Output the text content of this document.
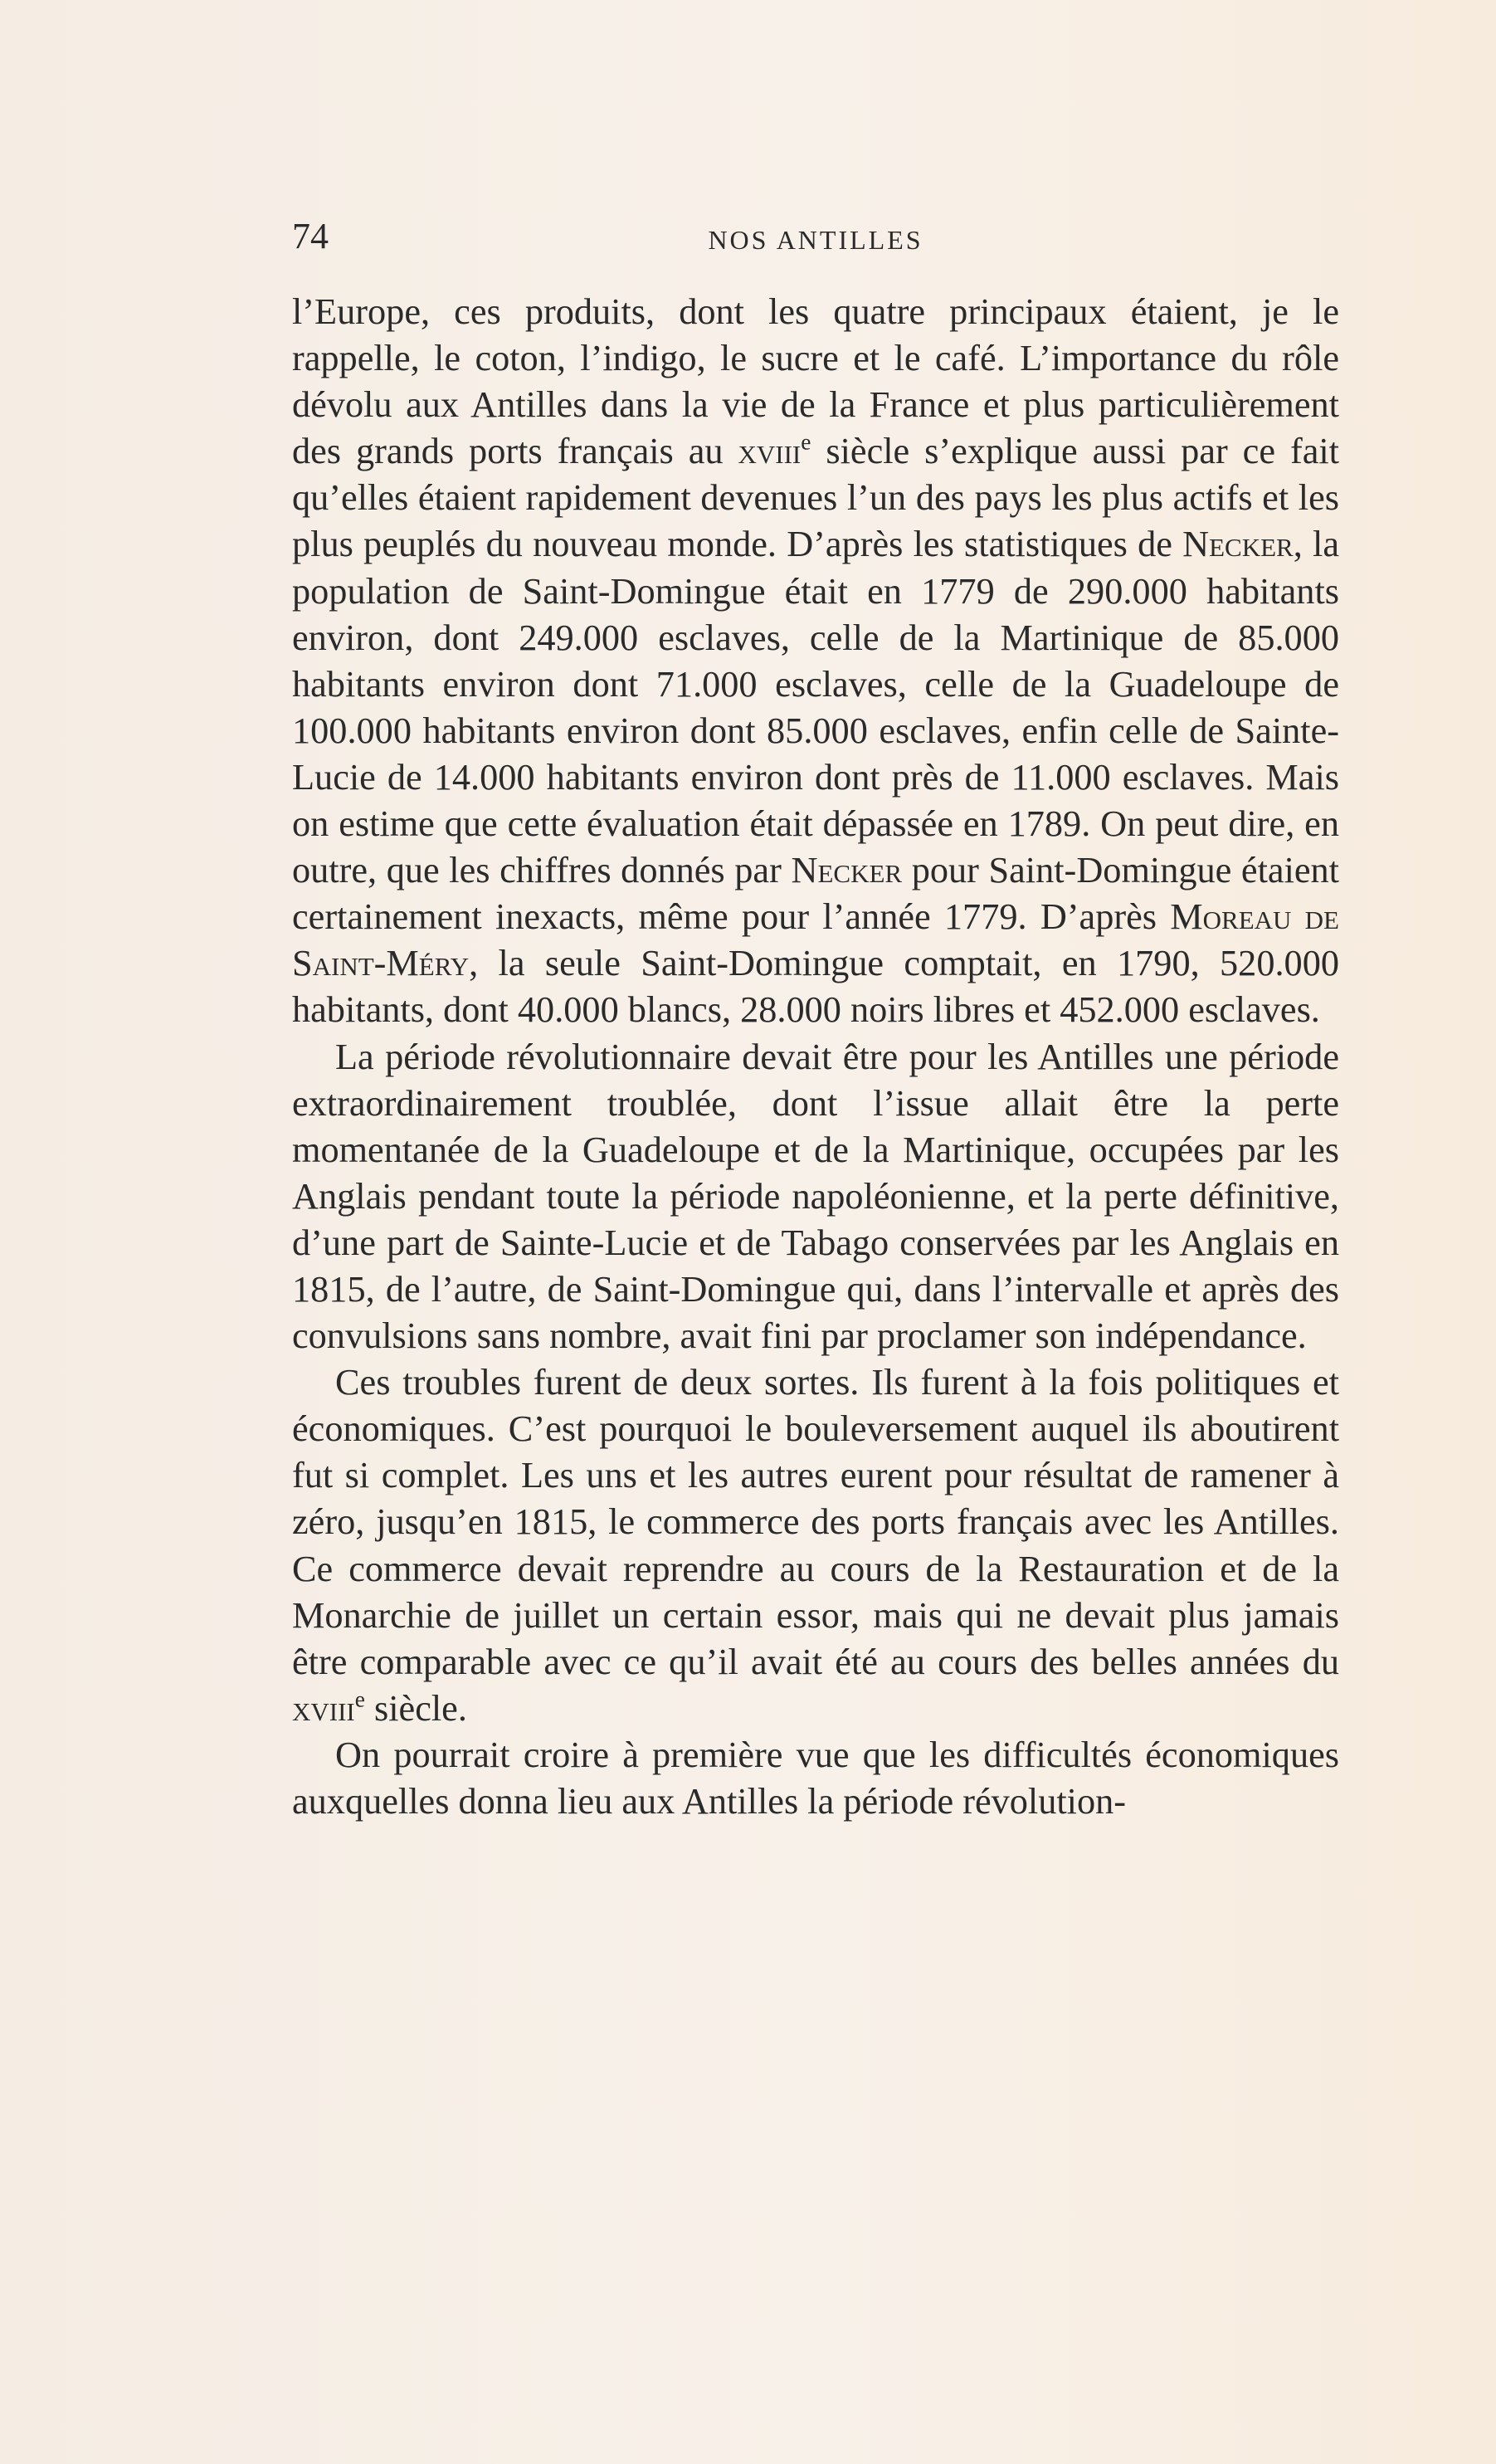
74	NOS ANTILLES

l’Europe, ces produits, dont les quatre principaux étaient, je le rappelle, le coton, l’indigo, le sucre et le café. L’importance du rôle dévolu aux Antilles dans la vie de la France et plus particulièrement des grands ports français au xviii$^e$ siècle s’explique aussi par ce fait qu’elles étaient rapidement devenues l’un des pays les plus actifs et les plus peuplés du nouveau monde. D’après les statistiques de Necker, la population de Saint-Domingue était en 1779 de 290.000 habitants environ, dont 249.000 esclaves, celle de la Martinique de 85.000 habitants environ dont 71.000 esclaves, celle de la Guadeloupe de 100.000 habitants environ dont 85.000 esclaves, enfin celle de Sainte-Lucie de 14.000 habitants environ dont près de 11.000 esclaves. Mais on estime que cette évaluation était dépassée en 1789. On peut dire, en outre, que les chiffres donnés par Necker pour Saint-Domingue étaient certainement inexacts, même pour l’année 1779. D’après Moreau de Saint-Méry, la seule Saint-Domingue comptait, en 1790, 520.000 habitants, dont 40.000 blancs, 28.000 noirs libres et 452.000 esclaves.

La période révolutionnaire devait être pour les Antilles une période extraordinairement troublée, dont l’issue allait être la perte momentanée de la Guadeloupe et de la Martinique, occupées par les Anglais pendant toute la période napoléonienne, et la perte définitive, d’une part de Sainte-Lucie et de Tabago conservées par les Anglais en 1815, de l’autre, de Saint-Domingue qui, dans l’intervalle et après des convulsions sans nombre, avait fini par proclamer son indépendance.

Ces troubles furent de deux sortes. Ils furent à la fois politiques et économiques. C’est pourquoi le bouleversement auquel ils aboutirent fut si complet. Les uns et les autres eurent pour résultat de ramener à zéro, jusqu’en 1815, le commerce des ports français avec les Antilles. Ce commerce devait reprendre au cours de la Restauration et de la Monarchie de juillet un certain essor, mais qui ne devait plus jamais être comparable avec ce qu’il avait été au cours des belles années du xviii$^e$ siècle.

On pourrait croire à première vue que les difficultés économiques auxquelles donna lieu aux Antilles la période révolution-
